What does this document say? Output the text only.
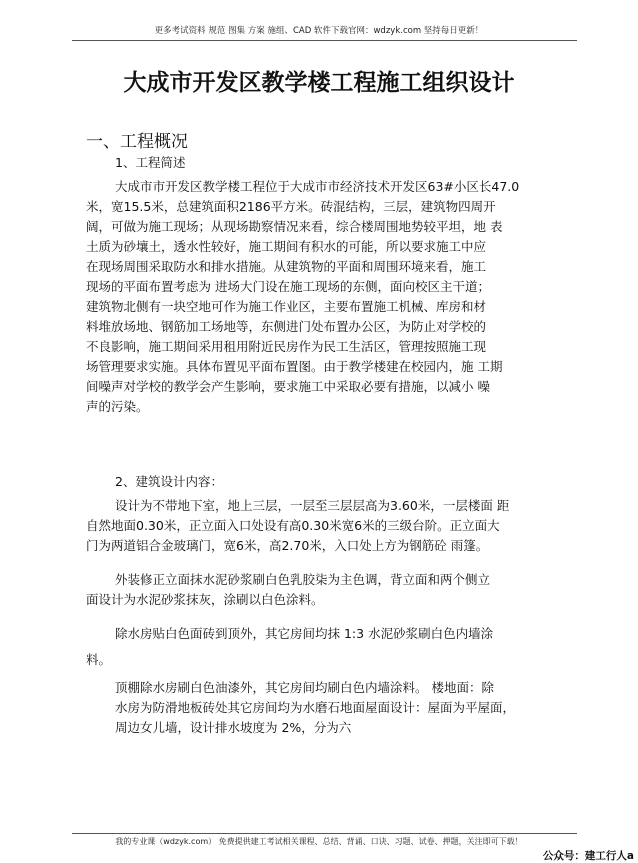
更多考试资料 规范 图集 方案 施组、CAD 软件下载官网：wdzyk.com 坚持每日更新！
大成市开发区教学楼工程施工组织设计
一、工程概况
1、工程简述
大成市市开发区教学楼工程位于大成市市经济技术开发区63#小区长47.0
米，宽15.5米，总建筑面积2186平方米。砖混结构，三层，建筑物四周开
阔，可做为施工现场；从现场勘察情况来看，综合楼周围地势较平坦，地 表
土质为砂壤土，透水性较好，施工期间有积水的可能，所以要求施工中应
在现场周围采取防水和排水措施。从建筑物的平面和周围环境来看，施工
现场的平面布置考虑为 进场大门设在施工现场的东侧，面向校区主干道；
建筑物北侧有一块空地可作为施工作业区，主要布置施工机械、库房和材
料堆放场地、钢筋加工场地等，东侧进门处布置办公区，为防止对学校的
不良影响，施工期间采用租用附近民房作为民工生活区，管理按照施工现
场管理要求实施。具体布置见平面布置图。由于教学楼建在校园内，施 工期
间噪声对学校的教学会产生影响，要求施工中采取必要有措施，以减小 噪
声的污染。
2、建筑设计内容：
设计为不带地下室，地上三层，一层至三层层高为3.60米，一层楼面 距
自然地面0.30米，正立面入口处设有高0.30米宽6米的三级台阶。正立面大
门为两道铝合金玻璃门，宽6米，高2.70米，入口处上方为钢筋砼 雨篷。
外装修正立面抹水泥砂浆刷白色乳胶柒为主色调，背立面和两个侧立
面设计为水泥砂浆抹灰，涂刷以白色涂料。
除水房贴白色面砖到顶外，其它房间均抹 1:3 水泥砂浆刷白色内墙涂
料。
顶棚除水房刷白色油漆外，其它房间均刷白色内墙涂料。 楼地面：除
水房为防滑地板砖处其它房间均为水磨石地面屋面设计：屋面为平屋面，
周边女儿墙，设计排水坡度为 2%，分为六
我的专业课（wdzyk.com） 免费提供建工考试相关课程、总结、背诵、口诀、习题、试卷、押题，关注即可下载！
公众号：建工行人a
